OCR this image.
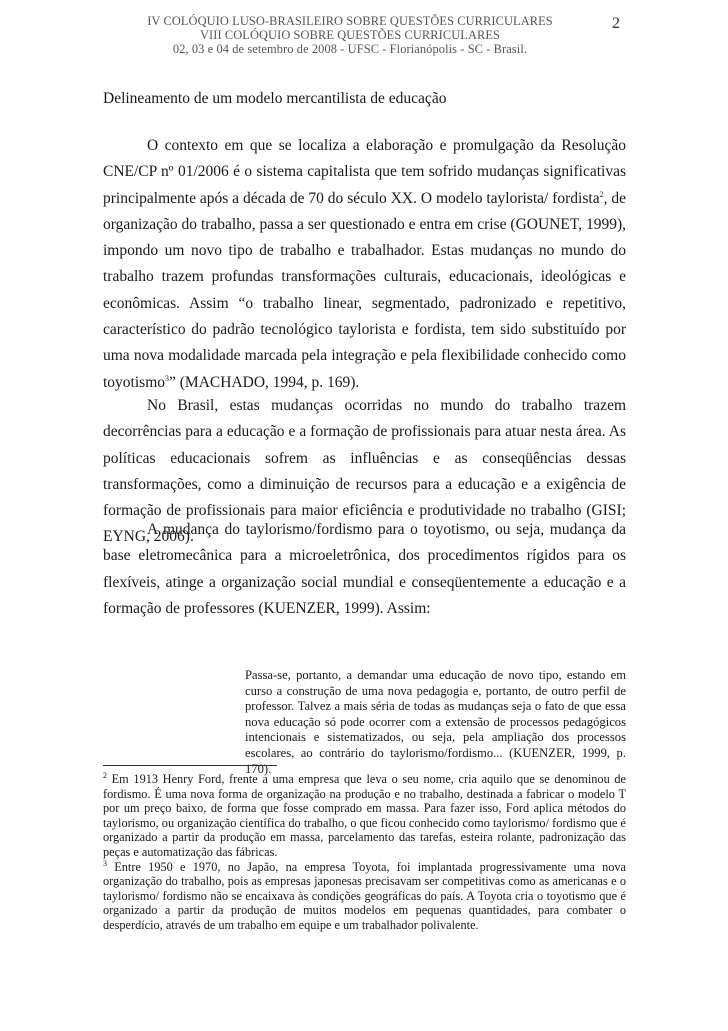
IV COLÓQUIO LUSO-BRASILEIRO SOBRE QUESTÕES CURRICULARES
VIII COLÓQUIO SOBRE QUESTÕES CURRICULARES
02, 03 e 04 de setembro de 2008 - UFSC - Florianópolis - SC - Brasil.
2
Delineamento de um modelo mercantilista de educação

O contexto em que se localiza a elaboração e promulgação da Resolução CNE/CP nº 01/2006 é o sistema capitalista que tem sofrido mudanças significativas principalmente após a década de 70 do século XX. O modelo taylorista/ fordista$^2$, de organização do trabalho, passa a ser questionado e entra em crise (GOUNET, 1999), impondo um novo tipo de trabalho e trabalhador. Estas mudanças no mundo do trabalho trazem profundas transformações culturais, educacionais, ideológicas e econômicas. Assim “o trabalho linear, segmentado, padronizado e repetitivo, característico do padrão tecnológico taylorista e fordista, tem sido substituído por uma nova modalidade marcada pela integração e pela flexibilidade conhecido como toyotismo$^3$” (MACHADO, 1994, p. 169).

No Brasil, estas mudanças ocorridas no mundo do trabalho trazem decorrências para a educação e a formação de profissionais para atuar nesta área. As políticas educacionais sofrem as influências e as conseqüências dessas transformações, como a diminuição de recursos para a educação e a exigência de formação de profissionais para maior eficiência e produtividade no trabalho (GISI; EYNG, 2006).

A mudança do taylorismo/fordismo para o toyotismo, ou seja, mudança da base eletromecânica para a microeletrônica, dos procedimentos rígidos para os flexíveis, atinge a organização social mundial e conseqüentemente a educação e a formação de professores (KUENZER, 1999). Assim:

Passa-se, portanto, a demandar uma educação de novo tipo, estando em curso a construção de uma nova pedagogia e, portanto, de outro perfil de professor. Talvez a mais séria de todas as mudanças seja o fato de que essa nova educação só pode ocorrer com a extensão de processos pedagógicos intencionais e sistematizados, ou seja, pela ampliação dos processos escolares, ao contrário do taylorismo/fordismo... (KUENZER, 1999, p. 170).

$^2$ Em 1913 Henry Ford, frente a uma empresa que leva o seu nome, cria aquilo que se denominou de fordismo. É uma nova forma de organização na produção e no trabalho, destinada a fabricar o modelo T por um preço baixo, de forma que fosse comprado em massa. Para fazer isso, Ford aplica métodos do taylorismo, ou organização científica do trabalho, o que ficou conhecido como taylorismo/ fordismo que é organizado a partir da produção em massa, parcelamento das tarefas, esteira rolante, padronização das peças e automatização das fábricas.

$^3$ Entre 1950 e 1970, no Japão, na empresa Toyota, foi implantada progressivamente uma nova organização do trabalho, pois as empresas japonesas precisavam ser competitivas como as americanas e o taylorismo/ fordismo não se encaixava às condições geográficas do país. A Toyota cria o toyotismo que é organizado a partir da produção de muitos modelos em pequenas quantidades, para combater o desperdício, através de um trabalho em equipe e um trabalhador polivalente.
